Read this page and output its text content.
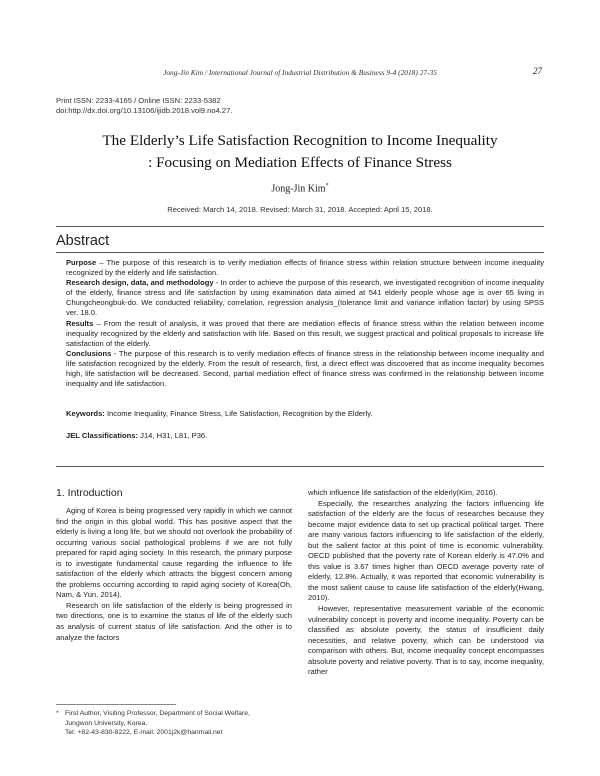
Jong-Jin Kim / International Journal of Industrial Distribution & Business 9-4 (2018) 27-35	27
Print ISSN: 2233-4165 / Online ISSN: 2233-5382
doi:http://dx.doi.org/10.13106/ijidb.2018.vol9.no4.27.
The Elderly’s Life Satisfaction Recognition to Income Inequality
: Focusing on Mediation Effects of Finance Stress
Jong-Jin Kim*
Received: March 14, 2018. Revised: March 31, 2018. Accepted: April 15, 2018.
Abstract

Purpose – The purpose of this research is to verify mediation effects of finance stress within relation structure between income inequality recognized by the elderly and life satisfaction.

Research design, data, and methodology - In order to achieve the purpose of this research, we investigated recognition of income inequality of the elderly, finance stress and life satisfaction by using examination data aimed at 541 elderly people whose age is over 65 living in Chungcheongbuk-do. We conducted reliability, correlation, regression analysis_(tolerance limit and variance inflation factor) by using SPSS ver. 18.0.

Results – From the result of analysis, it was proved that there are mediation effects of finance stress within the relation between income inequality recognized by the elderly and satisfaction with life. Based on this result, we suggest practical and political proposals to increase life satisfaction of the elderly.

Conclusions - The purpose of this research is to verify mediation effects of finance stress in the relationship between income inequality and life satisfaction recognized by the elderly. From the result of research, first, a direct effect was discovered that as income inequality becomes high, life satisfaction will be decreased. Second, partial mediation effect of finance stress was confirmed in the relationship between income inequality and life satisfaction.

Keywords: Income Inequality, Finance Stress, Life Satisfaction, Recognition by the Elderly.
JEL Classifications: J14, H31, L81, P36.
1. Introduction

Aging of Korea is being progressed very rapidly in which we cannot find the origin in this global world. This has positive aspect that the elderly is living a long life, but we should not overlook the probability of occurring various social pathological problems if we are not fully prepared for rapid aging society. In this research, the primary purpose is to investigate fundamental cause regarding the influence to life satisfaction of the elderly which attracts the biggest concern among the problems occurring according to rapid aging society of Korea(Oh, Nam, & Yun, 2014).

Research on life satisfaction of the elderly is being progressed in two directions, one is to examine the status of life of the elderly such as analysis of current status of life satisfaction. And the other is to analyze the factors

which influence life satisfaction of the elderly(Kim, 2016).

Especially, the researches analyzing the factors influencing life satisfaction of the elderly are the focus of researches because they become major evidence data to set up practical political target. There are many various factors influencing to life satisfaction of the elderly, but the salient factor at this point of time is economic vulnerability. OECD published that the poverty rate of Korean elderly is 47.0% and this value is 3.67 times higher than OECD average poverty rate of elderly, 12.8%. Actually, it was reported that economic vulnerability is the most salient cause to cause life satisfaction of the elderly(Hwang, 2010).

However, representative measurement variable of the economic vulnerability concept is poverty and income inequality. Poverty can be classified as absolute poverty, the status of insufficient daily necessities, and relative poverty, which can be understood via comparison with others. But, income inequality concept encompasses absolute poverty and relative poverty. That is to say, income inequality, rather

* First Author, Visiting Professor, Department of Social Welfare,
Jungwon University, Korea.
Tel: +82-43-830-8222, E-mail: 2001j2k@hanmail.net
